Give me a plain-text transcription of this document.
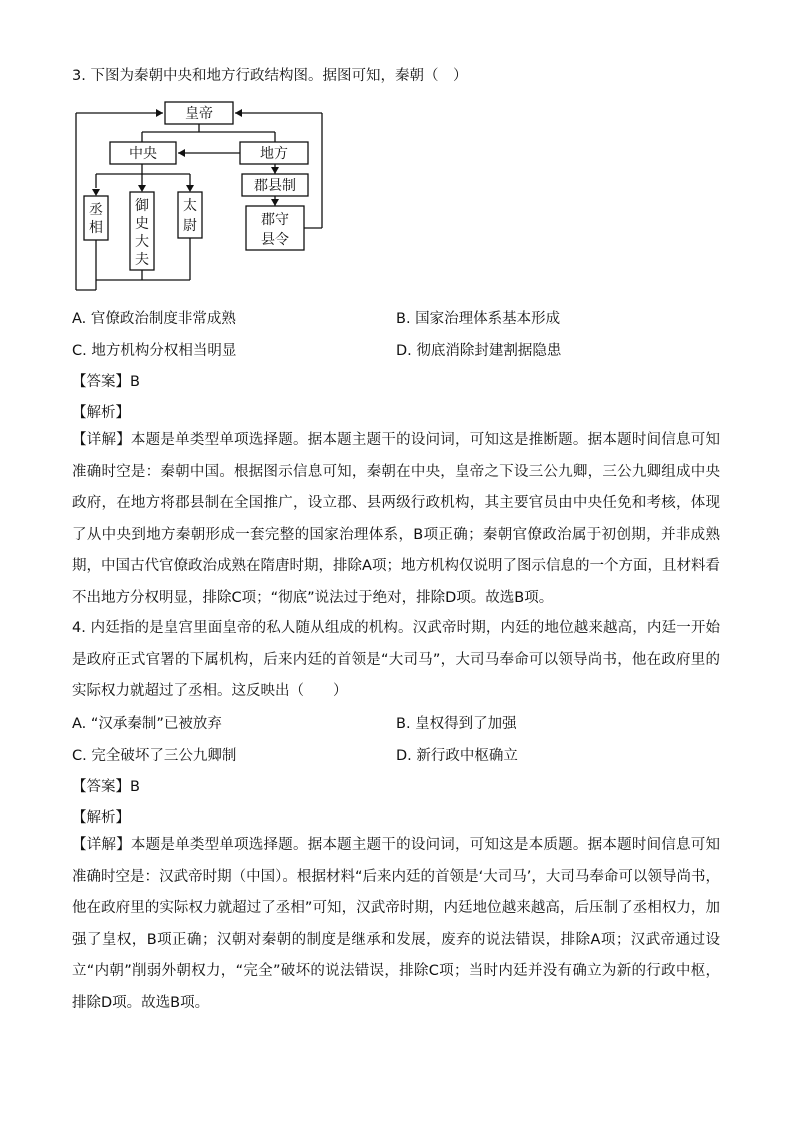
3. 下图为秦朝中央和地方行政结构图。据图可知，秦朝（　）
皇帝
中央	地方
郡县制
郡守
县令
丞
相
御
史
大
夫
太
尉
A. 官僚政治制度非常成熟	B. 国家治理体系基本形成
C. 地方机构分权相当明显	D. 彻底消除封建割据隐患
【答案】B
【解析】
【详解】本题是单类型单项选择题。据本题主题干的设问词，可知这是推断题。据本题时间信息可知准确时空是：秦朝中国。根据图示信息可知，秦朝在中央，皇帝之下设三公九卿，三公九卿组成中央政府，在地方将郡县制在全国推广，设立郡、县两级行政机构，其主要官员由中央任免和考核，体现了从中央到地方秦朝形成一套完整的国家治理体系，B项正确；秦朝官僚政治属于初创期，并非成熟期，中国古代官僚政治成熟在隋唐时期，排除A项；地方机构仅说明了图示信息的一个方面，且材料看不出地方分权明显，排除C项；“彻底”说法过于绝对，排除D项。故选B项。
4. 内廷指的是皇宫里面皇帝的私人随从组成的机构。汉武帝时期，内廷的地位越来越高，内廷一开始是政府正式官署的下属机构，后来内廷的首领是“大司马”，大司马奉命可以领导尚书，他在政府里的实际权力就超过了丞相。这反映出（　　）
A. “汉承秦制”已被放弃	B. 皇权得到了加强
C. 完全破坏了三公九卿制	D. 新行政中枢确立
【答案】B
【解析】
【详解】本题是单类型单项选择题。据本题主题干的设问词，可知这是本质题。据本题时间信息可知准确时空是：汉武帝时期（中国）。根据材料“后来内廷的首领是‘大司马’，大司马奉命可以领导尚书，他在政府里的实际权力就超过了丞相”可知，汉武帝时期，内廷地位越来越高，后压制了丞相权力，加强了皇权，B项正确；汉朝对秦朝的制度是继承和发展，废弃的说法错误，排除A项；汉武帝通过设立“内朝”削弱外朝权力，“完全”破坏的说法错误，排除C项；当时内廷并没有确立为新的行政中枢，排除D项。故选B项。
